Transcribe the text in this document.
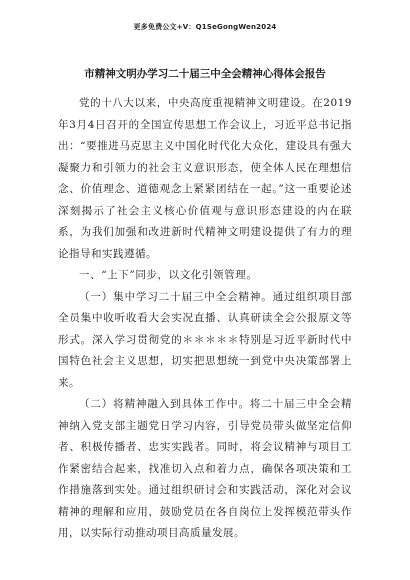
更多免费公文+V：Q1SeGongWen2024
市精神文明办学习二十届三中全会精神心得体会报告

党的十八大以来，中央高度重视精神文明建设。在2019年3月4日召开的全国宣传思想工作会议上，习近平总书记指出：“要推进马克思主义中国化时代化大众化，建设具有强大凝聚力和引领力的社会主义意识形态，使全体人民在理想信念、价值理念、道德观念上紧紧团结在一起。”这一重要论述深刻揭示了社会主义核心价值观与意识形态建设的内在联系，为我们加强和改进新时代精神文明建设提供了有力的理论指导和实践遵循。

一、“上下”同步，以文化引领管理。

（一）集中学习二十届三中全会精神。通过组织项目部全员集中收听收看大会实况直播、认真研读全会公报原文等形式。深入学习贯彻党的＊＊＊＊＊特别是习近平新时代中国特色社会主义思想，切实把思想统一到党中央决策部署上来。

（二）将精神融入到具体工作中。将二十届三中全会精神纳入党支部主题党日学习内容，引导党员带头做坚定信仰者、积极传播者、忠实实践者。同时，将会议精神与项目工作紧密结合起来，找准切入点和着力点，确保各项决策和工作措施落到实处。通过组织研讨会和实践活动，深化对会议精神的理解和应用，鼓励党员在各自岗位上发挥模范带头作用，以实际行动推动项目高质量发展。
